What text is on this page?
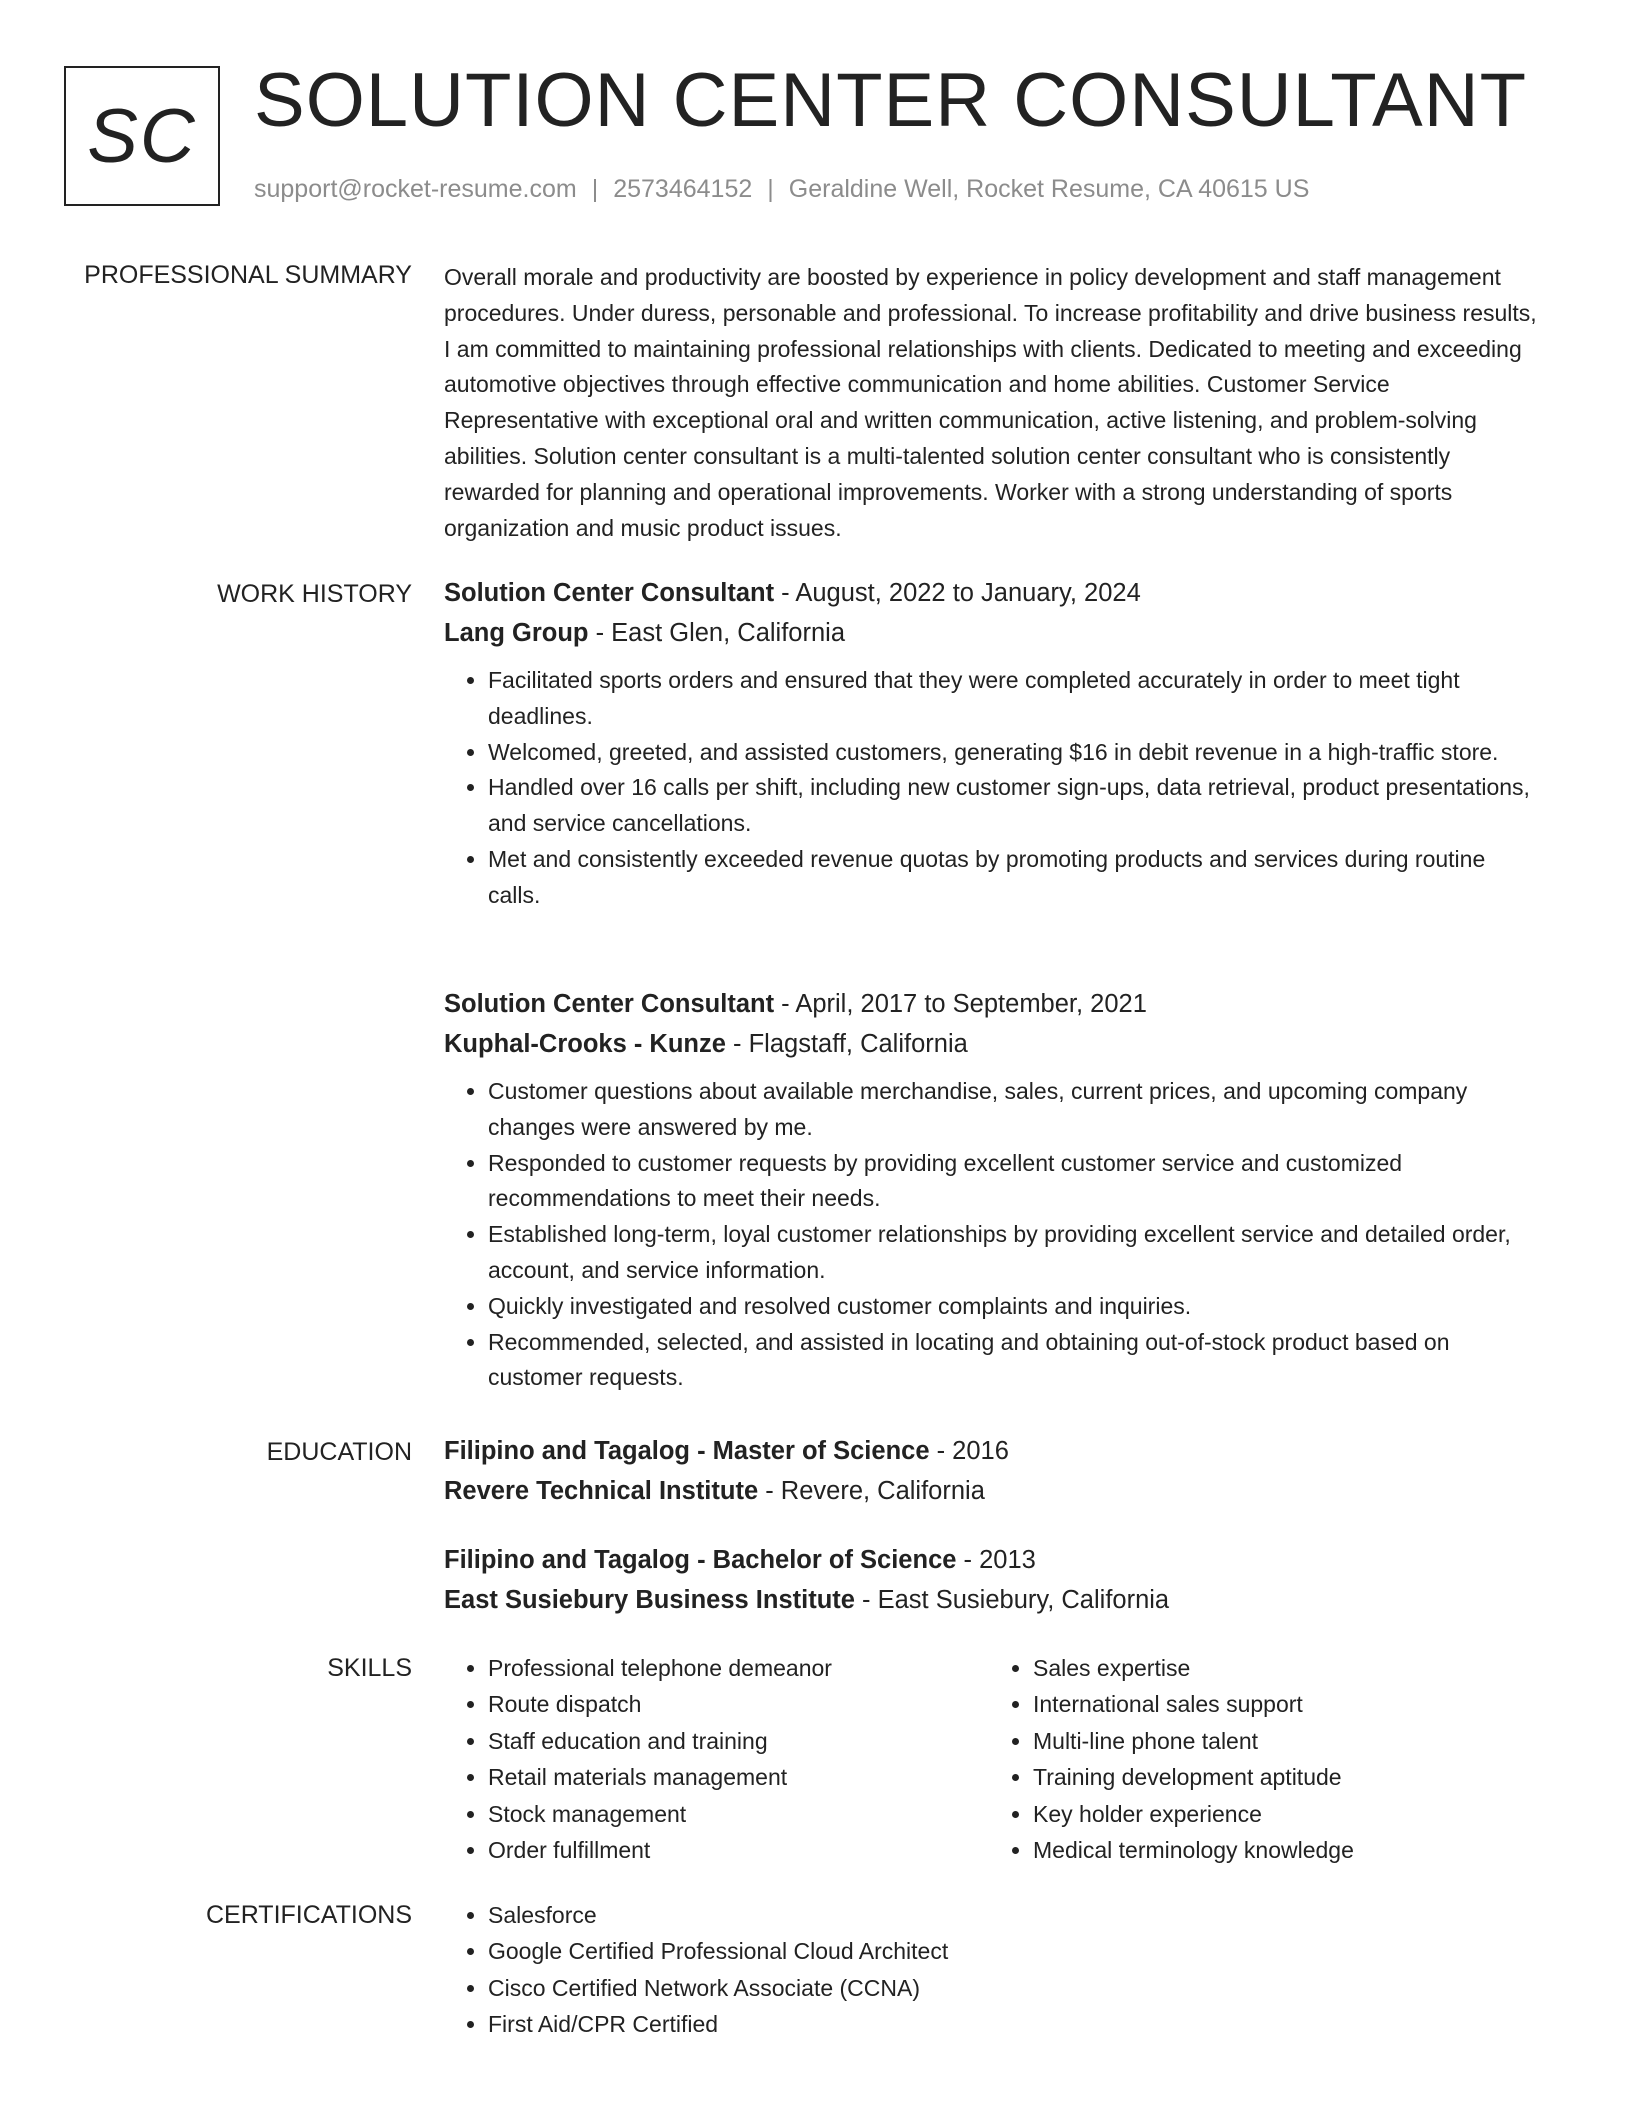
SC SOLUTION CENTER CONSULTANT
support@rocket-resume.com | 2573464152 | Geraldine Well, Rocket Resume, CA 40615 US
PROFESSIONAL SUMMARY Overall morale and productivity are boosted by experience in policy development and staff management procedures. Under duress, personable and professional. To increase profitability and drive business results, I am committed to maintaining professional relationships with clients. Dedicated to meeting and exceeding automotive objectives through effective communication and home abilities. Customer Service Representative with exceptional oral and written communication, active listening, and problem-solving abilities. Solution center consultant is a multi-talented solution center consultant who is consistently rewarded for planning and operational improvements. Worker with a strong understanding of sports organization and music product issues.
WORK HISTORY Solution Center Consultant - August, 2022 to January, 2024
Lang Group - East Glen, California
• Facilitated sports orders and ensured that they were completed accurately in order to meet tight deadlines.
• Welcomed, greeted, and assisted customers, generating $16 in debit revenue in a high-traffic store.
• Handled over 16 calls per shift, including new customer sign-ups, data retrieval, product presentations, and service cancellations.
• Met and consistently exceeded revenue quotas by promoting products and services during routine calls.
Solution Center Consultant - April, 2017 to September, 2021
Kuphal-Crooks - Kunze - Flagstaff, California
• Customer questions about available merchandise, sales, current prices, and upcoming company changes were answered by me.
• Responded to customer requests by providing excellent customer service and customized recommendations to meet their needs.
• Established long-term, loyal customer relationships by providing excellent service and detailed order, account, and service information.
• Quickly investigated and resolved customer complaints and inquiries.
• Recommended, selected, and assisted in locating and obtaining out-of-stock product based on customer requests.
EDUCATION Filipino and Tagalog - Master of Science - 2016
Revere Technical Institute - Revere, California
Filipino and Tagalog - Bachelor of Science - 2013
East Susiebury Business Institute - East Susiebury, California
SKILLS	• Professional telephone demeanor
• Route dispatch
• Staff education and training
• Retail materials management
• Stock management
• Order fulfillment
• Sales expertise
• International sales support
• Multi-line phone talent
• Training development aptitude
• Key holder experience
• Medical terminology knowledge
CERTIFICATIONS	• Salesforce
• Google Certified Professional Cloud Architect
• Cisco Certified Network Associate (CCNA)
• First Aid/CPR Certified
